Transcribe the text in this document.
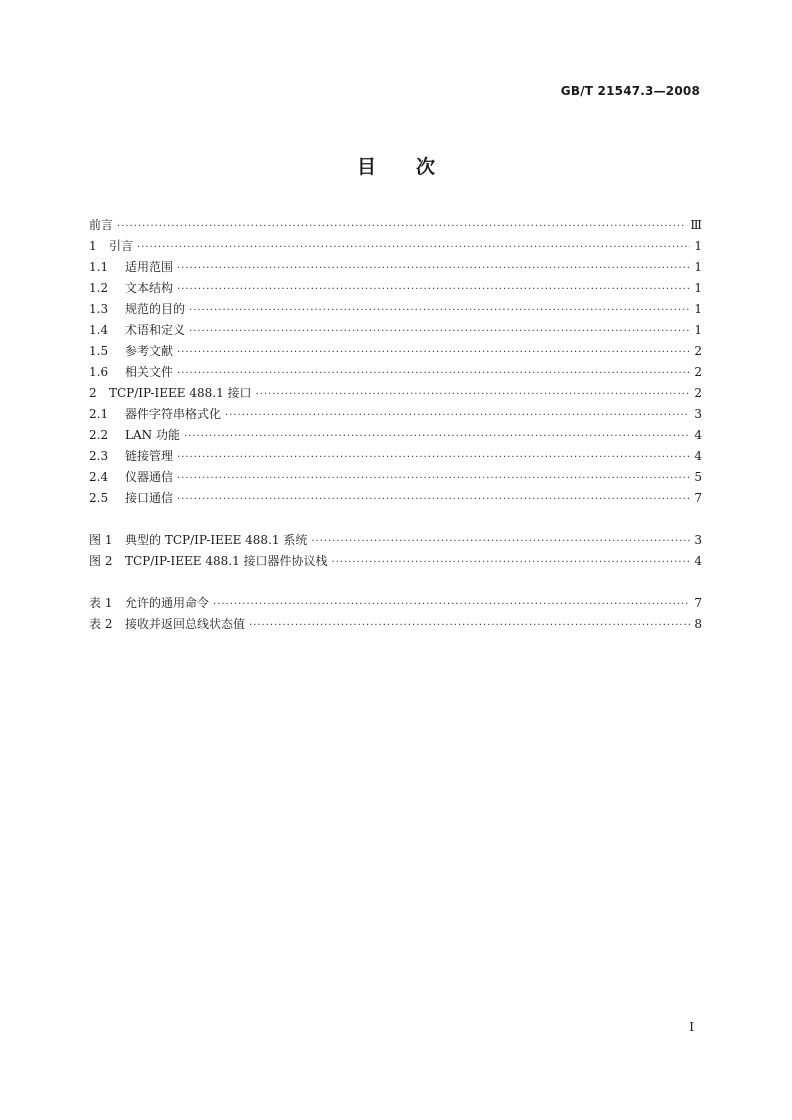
GB/T 21547.3—2008
目 次
前言 ·····	Ⅲ
1	引言 ·····	1
1.1	适用范围 ·····	1
1.2	文本结构 ·····	1
1.3	规范的目的 ·····	1
1.4	术语和定义 ·····	1
1.5	参考文献 ·····	2
1.6	相关文件 ·····	2
2	TCP/IP-IEEE 488.1 接口 ·····	2
2.1	器件字符串格式化 ·····	3
2.2	LAN 功能 ·····	4
2.3	链接管理 ·····	4
2.4	仪器通信 ·····	5
2.5	接口通信 ·····	7
图 1	典型的 TCP/IP-IEEE 488.1 系统 ·····	3
图 2	TCP/IP-IEEE 488.1 接口器件协议栈 ·····	4
表 1	允许的通用命令 ·····	7
表 2	接收并返回总线状态值 ·····	8
I
